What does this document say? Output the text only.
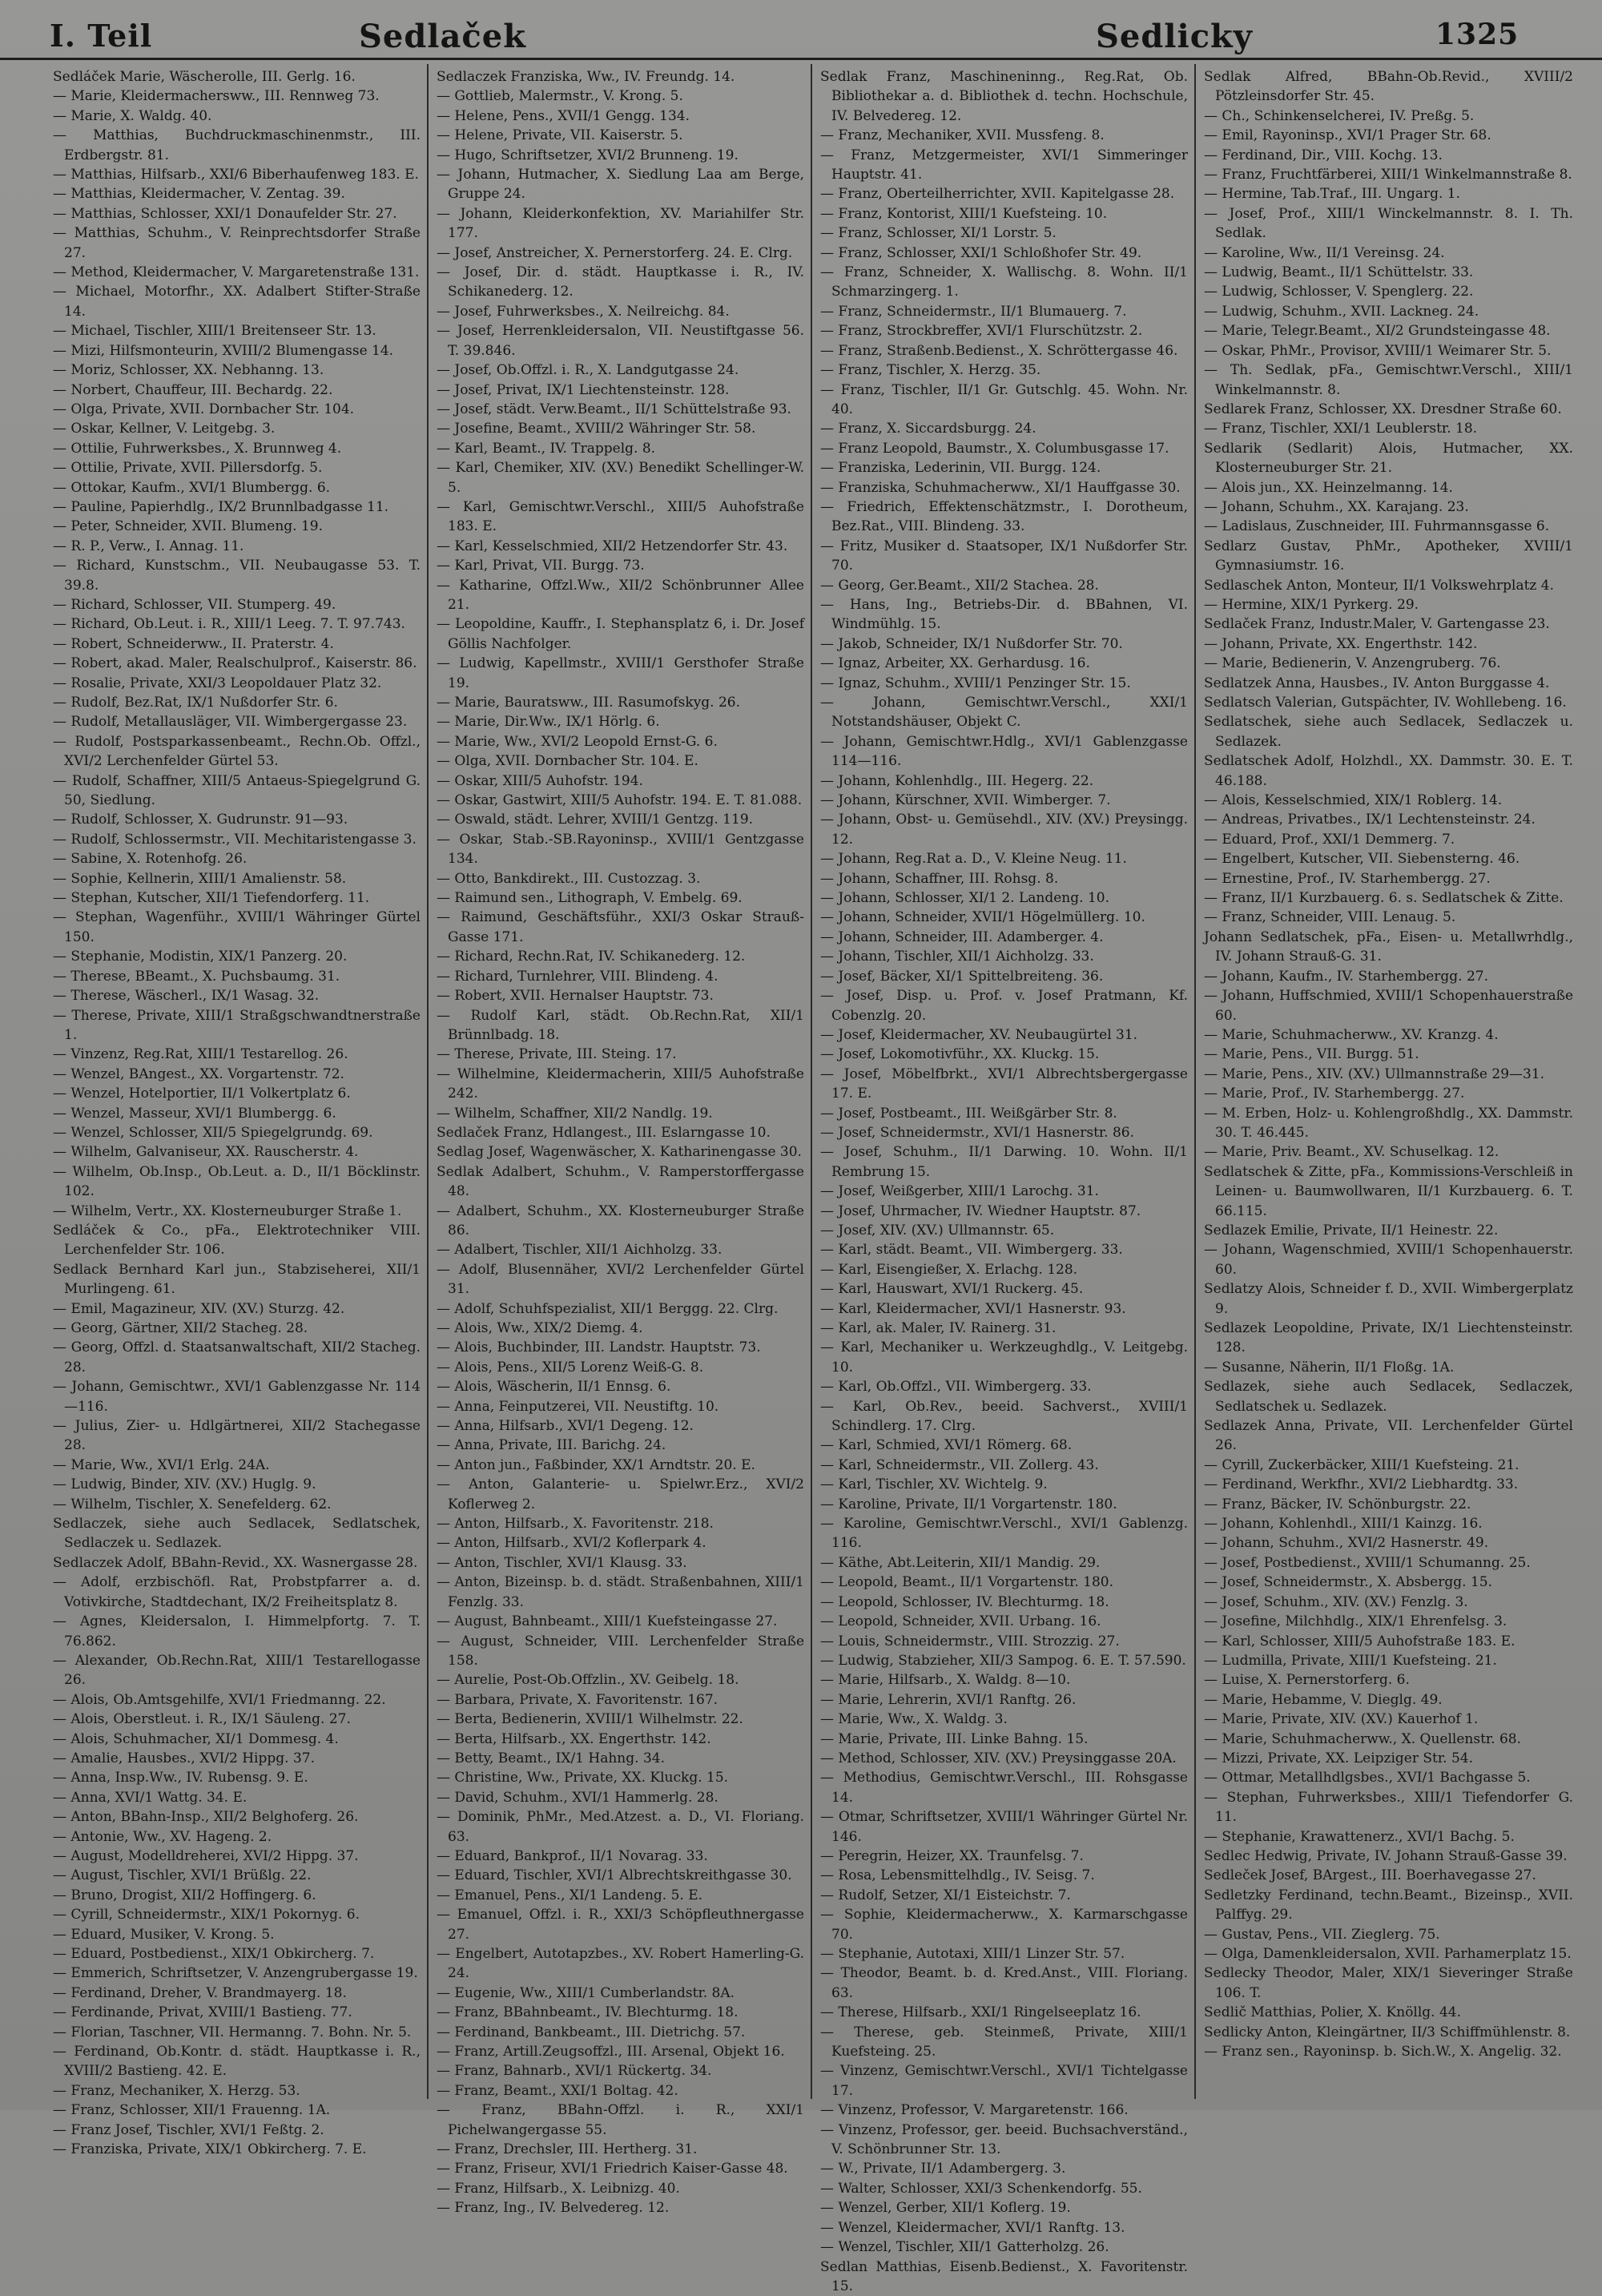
I. Teil	Sedlaček	Sedlicky	1325

Sedláček Marie, Wäscherolle, III. Gerlg. 16.

— Marie, Kleidermachersww., III. Rennweg 73.

— Marie, X. Waldg. 40.

— Matthias, Buchdruckmaschinenmstr., III. Erdbergstr. 81.

— Matthias, Hilfsarb., XXI/6 Biberhaufenweg 183. E.

— Matthias, Kleidermacher, V. Zentag. 39.

— Matthias, Schlosser, XXI/1 Donaufelder Str. 27.

— Matthias, Schuhm., V. Reinprechtsdorfer Straße 27.

— Method, Kleidermacher, V. Margaretenstraße 131.

— Michael, Motorfhr., XX. Adalbert Stifter-Straße 14.

— Michael, Tischler, XIII/1 Breitenseer Str. 13.

— Mizi, Hilfsmonteurin, XVIII/2 Blumengasse 14.

— Moriz, Schlosser, XX. Nebhanng. 13.

— Norbert, Chauffeur, III. Bechardg. 22.

— Olga, Private, XVII. Dornbacher Str. 104.

— Oskar, Kellner, V. Leitgebg. 3.

— Ottilie, Fuhrwerksbes., X. Brunnweg 4.

— Ottilie, Private, XVII. Pillersdorfg. 5.

— Ottokar, Kaufm., XVI/1 Blumbergg. 6.

— Pauline, Papierhdlg., IX/2 Brunnlbadgasse 11.

— Peter, Schneider, XVII. Blumeng. 19.

— R. P., Verw., I. Annag. 11.

— Richard, Kunstschm., VII. Neubaugasse 53. T. 39.8.

— Richard, Schlosser, VII. Stumperg. 49.

— Richard, Ob.Leut. i. R., XIII/1 Leeg. 7. T. 97.743.

— Robert, Schneiderww., II. Praterstr. 4.

— Robert, akad. Maler, Realschulprof., Kaiserstr. 86.

— Rosalie, Private, XXI/3 Leopoldauer Platz 32.

— Rudolf, Bez.Rat, IX/1 Nußdorfer Str. 6.

— Rudolf, Metallausläger, VII. Wimbergergasse 23.

— Rudolf, Postsparkassenbeamt., Rechn.Ob. Offzl., XVI/2 Lerchenfelder Gürtel 53.

— Rudolf, Schaffner, XIII/5 Antaeus-Spiegelgrund G. 50, Siedlung.

— Rudolf, Schlosser, X. Gudrunstr. 91—93.

— Rudolf, Schlossermstr., VII. Mechitaristengasse 3.

— Sabine, X. Rotenhofg. 26.

— Sophie, Kellnerin, XIII/1 Amalienstr. 58.

— Stephan, Kutscher, XII/1 Tiefendorferg. 11.

— Stephan, Wagenführ., XVIII/1 Währinger Gürtel 150.

— Stephanie, Modistin, XIX/1 Panzerg. 20.

— Therese, BBeamt., X. Puchsbaumg. 31.

— Therese, Wäscherl., IX/1 Wasag. 32.

— Therese, Private, XIII/1 Straßgschwandtnerstraße 1.

— Vinzenz, Reg.Rat, XIII/1 Testarellog. 26.

— Wenzel, BAngest., XX. Vorgartenstr. 72.

— Wenzel, Hotelportier, II/1 Volkertplatz 6.

— Wenzel, Masseur, XVI/1 Blumbergg. 6.

— Wenzel, Schlosser, XII/5 Spiegelgrundg. 69.

— Wilhelm, Galvaniseur, XX. Rauscherstr. 4.

— Wilhelm, Ob.Insp., Ob.Leut. a. D., II/1 Böcklinstr. 102.

— Wilhelm, Vertr., XX. Klosterneuburger Straße 1.

Sedláček & Co., pFa., Elektrotechniker VIII. Lerchenfelder Str. 106.

Sedlack Bernhard Karl jun., Stabziseherei, XII/1 Murlingeng. 61.

— Emil, Magazineur, XIV. (XV.) Sturzg. 42.

— Georg, Gärtner, XII/2 Stacheg. 28.

— Georg, Offzl. d. Staatsanwaltschaft, XII/2 Stacheg. 28.

— Johann, Gemischtwr., XVI/1 Gablenzgasse Nr. 114—116.

— Julius, Zier- u. Hdlgärtnerei, XII/2 Stachegasse 28.

— Marie, Ww., XVI/1 Erlg. 24A.

— Ludwig, Binder, XIV. (XV.) Huglg. 9.

— Wilhelm, Tischler, X. Senefelderg. 62.

Sedlaczek, siehe auch Sedlacek, Sedlatschek, Sedlaczek u. Sedlazek.

Sedlaczek Adolf, BBahn-Revid., XX. Wasnergasse 28.

— Adolf, erzbischöfl. Rat, Probstpfarrer a. d. Votivkirche, Stadtdechant, IX/2 Freiheitsplatz 8.

— Agnes, Kleidersalon, I. Himmelpfortg. 7. T. 76.862.

— Alexander, Ob.Rechn.Rat, XIII/1 Testarellogasse 26.

— Alois, Ob.Amtsgehilfe, XVI/1 Friedmanng. 22.

— Alois, Oberstleut. i. R., IX/1 Säuleng. 27.

— Alois, Schuhmacher, XI/1 Dommesg. 4.

— Amalie, Hausbes., XVI/2 Hippg. 37.

— Anna, Insp.Ww., IV. Rubensg. 9. E.

— Anna, XVI/1 Wattg. 34. E.

— Anton, BBahn-Insp., XII/2 Belghoferg. 26.

— Antonie, Ww., XV. Hageng. 2.

— August, Modelldreherei, XVI/2 Hippg. 37.

— August, Tischler, XVI/1 Brüßlg. 22.

— Bruno, Drogist, XII/2 Hoffingerg. 6.

— Cyrill, Schneidermstr., XIX/1 Pokornyg. 6.

— Eduard, Musiker, V. Krong. 5.

— Eduard, Postbedienst., XIX/1 Obkircherg. 7.

— Emmerich, Schriftsetzer, V. Anzengrubergasse 19.

— Ferdinand, Dreher, V. Brandmayerg. 18.

— Ferdinande, Privat, XVIII/1 Bastieng. 77.

— Florian, Taschner, VII. Hermanng. 7. Bohn. Nr. 5.

— Ferdinand, Ob.Kontr. d. städt. Hauptkasse i. R., XVIII/2 Bastieng. 42. E.

— Franz, Mechaniker, X. Herzg. 53.

— Franz, Schlosser, XII/1 Frauenng. 1A.

— Franz Josef, Tischler, XVI/1 Feßtg. 2.

— Franziska, Private, XIX/1 Obkircherg. 7. E.

Sedlaczek Franziska, Ww., IV. Freundg. 14.

— Gottlieb, Malermstr., V. Krong. 5.

— Helene, Pens., XVII/1 Gengg. 134.

— Helene, Private, VII. Kaiserstr. 5.

— Hugo, Schriftsetzer, XVI/2 Brunneng. 19.

— Johann, Hutmacher, X. Siedlung Laa am Berge, Gruppe 24.

— Johann, Kleiderkonfektion, XV. Mariahilfer Str. 177.

— Josef, Anstreicher, X. Pernerstorferg. 24. E. Clrg.

— Josef, Dir. d. städt. Hauptkasse i. R., IV. Schikanederg. 12.

— Josef, Fuhrwerksbes., X. Neilreichg. 84.

— Josef, Herrenkleidersalon, VII. Neustiftgasse 56. T. 39.846.

— Josef, Ob.Offzl. i. R., X. Landgutgasse 24.

— Josef, Privat, IX/1 Liechtensteinstr. 128.

— Josef, städt. Verw.Beamt., II/1 Schüttelstraße 93.

— Josefine, Beamt., XVIII/2 Währinger Str. 58.

— Karl, Beamt., IV. Trappelg. 8.

— Karl, Chemiker, XIV. (XV.) Benedikt Schellinger-W. 5.

— Karl, Gemischtwr.Verschl., XIII/5 Auhofstraße 183. E.

— Karl, Kesselschmied, XII/2 Hetzendorfer Str. 43.

— Karl, Privat, VII. Burgg. 73.

— Katharine, Offzl.Ww., XII/2 Schönbrunner Allee 21.

— Leopoldine, Kauffr., I. Stephansplatz 6, i. Dr. Josef Göllis Nachfolger.

— Ludwig, Kapellmstr., XVIII/1 Gersthofer Straße 19.

— Marie, Bauratsww., III. Rasumofskyg. 26.

— Marie, Dir.Ww., IX/1 Hörlg. 6.

— Marie, Ww., XVI/2 Leopold Ernst-G. 6.

— Olga, XVII. Dornbacher Str. 104. E.

— Oskar, XIII/5 Auhofstr. 194.

— Oskar, Gastwirt, XIII/5 Auhofstr. 194. E. T. 81.088.

— Oswald, städt. Lehrer, XVIII/1 Gentzg. 119.

— Oskar, Stab.-SB.Rayoninsp., XVIII/1 Gentzgasse 134.

— Otto, Bankdirekt., III. Custozzag. 3.

— Raimund sen., Lithograph, V. Embelg. 69.

— Raimund, Geschäftsführ., XXI/3 Oskar Strauß-Gasse 171.

— Richard, Rechn.Rat, IV. Schikanederg. 12.

— Richard, Turnlehrer, VIII. Blindeng. 4.

— Robert, XVII. Hernalser Hauptstr. 73.

— Rudolf Karl, städt. Ob.Rechn.Rat, XII/1 Brünnlbadg. 18.

— Therese, Private, III. Steing. 17.

— Wilhelmine, Kleidermacherin, XIII/5 Auhofstraße 242.

— Wilhelm, Schaffner, XII/2 Nandlg. 19.

Sedlaček Franz, Hdlangest., III. Eslarngasse 10.

Sedlag Josef, Wagenwäscher, X. Katharinengasse 30.

Sedlak Adalbert, Schuhm., V. Ramperstorffergasse 48.

— Adalbert, Schuhm., XX. Klosterneuburger Straße 86.

— Adalbert, Tischler, XII/1 Aichholzg. 33.

— Adolf, Blusennäher, XVI/2 Lerchenfelder Gürtel 31.

— Adolf, Schuhfspezialist, XII/1 Berggg. 22. Clrg.

— Alois, Ww., XIX/2 Diemg. 4.

— Alois, Buchbinder, III. Landstr. Hauptstr. 73.

— Alois, Pens., XII/5 Lorenz Weiß-G. 8.

— Alois, Wäscherin, II/1 Ennsg. 6.

— Anna, Feinputzerei, VII. Neustiftg. 10.

— Anna, Hilfsarb., XVI/1 Degeng. 12.

— Anna, Private, III. Barichg. 24.

— Anton jun., Faßbinder, XX/1 Arndtstr. 20. E.

— Anton, Galanterie- u. Spielwr.Erz., XVI/2 Koflerweg 2.

— Anton, Hilfsarb., X. Favoritenstr. 218.

— Anton, Hilfsarb., XVI/2 Koflerpark 4.

— Anton, Tischler, XVI/1 Klausg. 33.

— Anton, Bizeinsp. b. d. städt. Straßenbahnen, XIII/1 Fenzlg. 33.

— August, Bahnbeamt., XIII/1 Kuefsteingasse 27.

— August, Schneider, VIII. Lerchenfelder Straße 158.

— Aurelie, Post-Ob.Offzlin., XV. Geibelg. 18.

— Barbara, Private, X. Favoritenstr. 167.

— Berta, Bedienerin, XVIII/1 Wilhelmstr. 22.

— Berta, Hilfsarb., XX. Engerthstr. 142.

— Betty, Beamt., IX/1 Hahng. 34.

— Christine, Ww., Private, XX. Kluckg. 15.

— David, Schuhm., XVI/1 Hammerlg. 28.

— Dominik, PhMr., Med.Atzest. a. D., VI. Floriang. 63.

— Eduard, Bankprof., II/1 Novarag. 33.

— Eduard, Tischler, XVI/1 Albrechtskreithgasse 30.

— Emanuel, Pens., XI/1 Landeng. 5. E.

— Emanuel, Offzl. i. R., XXI/3 Schöpfleuthnergasse 27.

— Engelbert, Autotapzbes., XV. Robert Hamerling-G. 24.

— Eugenie, Ww., XIII/1 Cumberlandstr. 8A.

— Franz, BBahnbeamt., IV. Blechturmg. 18.

— Ferdinand, Bankbeamt., III. Dietrichg. 57.

— Franz, Artill.Zeugsoffzl., III. Arsenal, Objekt 16.

— Franz, Bahnarb., XVI/1 Rückertg. 34.

— Franz, Beamt., XXI/1 Boltag. 42.

— Franz, BBahn-Offzl. i. R., XXI/1 Pichelwangergasse 55.

— Franz, Drechsler, III. Hertherg. 31.

— Franz, Friseur, XVI/1 Friedrich Kaiser-Gasse 48.

— Franz, Hilfsarb., X. Leibnizg. 40.

— Franz, Ing., IV. Belvedereg. 12.

Sedlak Franz, Maschineninng., Reg.Rat, Ob. Bibliothekar a. d. Bibliothek d. techn. Hochschule, IV. Belvedereg. 12.

— Franz, Mechaniker, XVII. Mussfeng. 8.

— Franz, Metzgermeister, XVI/1 Simmeringer Hauptstr. 41.

— Franz, Oberteilherrichter, XVII. Kapitelgasse 28.

— Franz, Kontorist, XIII/1 Kuefsteing. 10.

— Franz, Schlosser, XI/1 Lorstr. 5.

— Franz, Schlosser, XXI/1 Schloßhofer Str. 49.

— Franz, Schneider, X. Wallischg. 8. Wohn. II/1 Schmarzingerg. 1.

— Franz, Schneidermstr., II/1 Blumauerg. 7.

— Franz, Strockbreffer, XVI/1 Flurschützstr. 2.

— Franz, Straßenb.Bedienst., X. Schröttergasse 46.

— Franz, Tischler, X. Herzg. 35.

— Franz, Tischler, II/1 Gr. Gutschlg. 45. Wohn. Nr. 40.

— Franz, X. Siccardsburgg. 24.

— Franz Leopold, Baumstr., X. Columbusgasse 17.

— Franziska, Lederinin, VII. Burgg. 124.

— Franziska, Schuhmacherww., XI/1 Hauffgasse 30.

— Friedrich, Effektenschätzmstr., I. Dorotheum, Bez.Rat., VIII. Blindeng. 33.

— Fritz, Musiker d. Staatsoper, IX/1 Nußdorfer Str. 70.

— Georg, Ger.Beamt., XII/2 Stachea. 28.

— Hans, Ing., Betriebs-Dir. d. BBahnen, VI. Windmühlg. 15.

— Jakob, Schneider, IX/1 Nußdorfer Str. 70.

— Ignaz, Arbeiter, XX. Gerhardusg. 16.

— Ignaz, Schuhm., XVIII/1 Penzinger Str. 15.

— Johann, Gemischtwr.Verschl., XXI/1 Notstandshäuser, Objekt C.

— Johann, Gemischtwr.Hdlg., XVI/1 Gablenzgasse 114—116.

— Johann, Kohlenhdlg., III. Hegerg. 22.

— Johann, Kürschner, XVII. Wimberger. 7.

— Johann, Obst- u. Gemüsehdl., XIV. (XV.) Preysingg. 12.

— Johann, Reg.Rat a. D., V. Kleine Neug. 11.

— Johann, Schaffner, III. Rohsg. 8.

— Johann, Schlosser, XI/1 2. Landeng. 10.

— Johann, Schneider, XVII/1 Högelmüllerg. 10.

— Johann, Schneider, III. Adamberger. 4.

— Johann, Tischler, XII/1 Aichholzg. 33.

— Josef, Bäcker, XI/1 Spittelbreiteng. 36.

— Josef, Disp. u. Prof. v. Josef Pratmann, Kf. Cobenzlg. 20.

— Josef, Kleidermacher, XV. Neubaugürtel 31.

— Josef, Lokomotivführ., XX. Kluckg. 15.

— Josef, Möbelfbrkt., XVI/1 Albrechtsbergergasse 17. E.

— Josef, Postbeamt., III. Weißgärber Str. 8.

— Josef, Schneidermstr., XVI/1 Hasnerstr. 86.

— Josef, Schuhm., II/1 Darwing. 10. Wohn. II/1 Rembrung 15.

— Josef, Weißgerber, XIII/1 Larochg. 31.

— Josef, Uhrmacher, IV. Wiedner Hauptstr. 87.

— Josef, XIV. (XV.) Ullmannstr. 65.

— Karl, städt. Beamt., VII. Wimbergerg. 33.

— Karl, Eisengießer, X. Erlachg. 128.

— Karl, Hauswart, XVI/1 Ruckerg. 45.

— Karl, Kleidermacher, XVI/1 Hasnerstr. 93.

— Karl, ak. Maler, IV. Rainerg. 31.

— Karl, Mechaniker u. Werkzeughdlg., V. Leitgebg. 10.

— Karl, Ob.Offzl., VII. Wimbergerg. 33.

— Karl, Ob.Rev., beeid. Sachverst., XVIII/1 Schindlerg. 17. Clrg.

— Karl, Schmied, XVI/1 Römerg. 68.

— Karl, Schneidermstr., VII. Zollerg. 43.

— Karl, Tischler, XV. Wichtelg. 9.

— Karoline, Private, II/1 Vorgartenstr. 180.

— Karoline, Gemischtwr.Verschl., XVI/1 Gablenzg. 116.

— Käthe, Abt.Leiterin, XII/1 Mandig. 29.

— Leopold, Beamt., II/1 Vorgartenstr. 180.

— Leopold, Schlosser, IV. Blechturmg. 18.

— Leopold, Schneider, XVII. Urbang. 16.

— Louis, Schneidermstr., VIII. Strozzig. 27.

— Ludwig, Stabzieher, XII/3 Sampog. 6. E. T. 57.590.

— Marie, Hilfsarb., X. Waldg. 8—10.

— Marie, Lehrerin, XVI/1 Ranftg. 26.

— Marie, Ww., X. Waldg. 3.

— Marie, Private, III. Linke Bahng. 15.

— Method, Schlosser, XIV. (XV.) Preysinggasse 20A.

— Methodius, Gemischtwr.Verschl., III. Rohsgasse 14.

— Otmar, Schriftsetzer, XVIII/1 Währinger Gürtel Nr. 146.

— Peregrin, Heizer, XX. Traunfelsg. 7.

— Rosa, Lebensmittelhdlg., IV. Seisg. 7.

— Rudolf, Setzer, XI/1 Eisteichstr. 7.

— Sophie, Kleidermacherww., X. Karmarschgasse 70.

— Stephanie, Autotaxi, XIII/1 Linzer Str. 57.

— Theodor, Beamt. b. d. Kred.Anst., VIII. Floriang. 63.

— Therese, Hilfsarb., XXI/1 Ringelseeplatz 16.

— Therese, geb. Steinmeß, Private, XIII/1 Kuefsteing. 25.

— Vinzenz, Gemischtwr.Verschl., XVI/1 Tichtelgasse 17.

— Vinzenz, Professor, V. Margaretenstr. 166.

— Vinzenz, Professor, ger. beeid. Buchsachverständ., V. Schönbrunner Str. 13.

— W., Private, II/1 Adambergerg. 3.

— Walter, Schlosser, XXI/3 Schenkendorfg. 55.

— Wenzel, Gerber, XII/1 Koflerg. 19.

— Wenzel, Kleidermacher, XVI/1 Ranftg. 13.

— Wenzel, Tischler, XII/1 Gatterholzg. 26.

Sedlan Matthias, Eisenb.Bedienst., X. Favoritenstr. 15.

Sedlak Alfred, BBahn-Ob.Revid., XVIII/2 Pötzleinsdorfer Str. 45.

— Ch., Schinkenselcherei, IV. Preßg. 5.

— Emil, Rayoninsp., XVI/1 Prager Str. 68.

— Ferdinand, Dir., VIII. Kochg. 13.

— Franz, Fruchtfärberei, XIII/1 Winkelmannstraße 8.

— Hermine, Tab.Traf., III. Ungarg. 1.

— Josef, Prof., XIII/1 Winckelmannstr. 8. I. Th. Sedlak.

— Karoline, Ww., II/1 Vereinsg. 24.

— Ludwig, Beamt., II/1 Schüttelstr. 33.

— Ludwig, Schlosser, V. Spenglerg. 22.

— Ludwig, Schuhm., XVII. Lackneg. 24.

— Marie, Telegr.Beamt., XI/2 Grundsteingasse 48.

— Oskar, PhMr., Provisor, XVIII/1 Weimarer Str. 5.

— Th. Sedlak, pFa., Gemischtwr.Verschl., XIII/1 Winkelmannstr. 8.

Sedlarek Franz, Schlosser, XX. Dresdner Straße 60.

— Franz, Tischler, XXI/1 Leublerstr. 18.

Sedlarik (Sedlarit) Alois, Hutmacher, XX. Klosterneuburger Str. 21.

— Alois jun., XX. Heinzelmanng. 14.

— Johann, Schuhm., XX. Karajang. 23.

— Ladislaus, Zuschneider, III. Fuhrmannsgasse 6.

Sedlarz Gustav, PhMr., Apotheker, XVIII/1 Gymnasiumstr. 16.

Sedlaschek Anton, Monteur, II/1 Volkswehrplatz 4.

— Hermine, XIX/1 Pyrkerg. 29.

Sedlaček Franz, Industr.Maler, V. Gartengasse 23.

— Johann, Private, XX. Engerthstr. 142.

— Marie, Bedienerin, V. Anzengruberg. 76.

Sedlatzek Anna, Hausbes., IV. Anton Burggasse 4.

Sedlatsch Valerian, Gutspächter, IV. Wohllebeng. 16.

Sedlatschek, siehe auch Sedlacek, Sedlaczek u. Sedlazek.

Sedlatschek Adolf, Holzhdl., XX. Dammstr. 30. E. T. 46.188.

— Alois, Kesselschmied, XIX/1 Roblerg. 14.

— Andreas, Privatbes., IX/1 Lechtensteinstr. 24.

— Eduard, Prof., XXI/1 Demmerg. 7.

— Engelbert, Kutscher, VII. Siebensterng. 46.

— Ernestine, Prof., IV. Starhembergg. 27.

— Franz, II/1 Kurzbauerg. 6. s. Sedlatschek & Zitte.

— Franz, Schneider, VIII. Lenaug. 5.

Johann Sedlatschek, pFa., Eisen- u. Metallwrhdlg., IV. Johann Strauß-G. 31.

— Johann, Kaufm., IV. Starhembergg. 27.

— Johann, Huffschmied, XVIII/1 Schopenhauerstraße 60.

— Marie, Schuhmacherww., XV. Kranzg. 4.

— Marie, Pens., VII. Burgg. 51.

— Marie, Pens., XIV. (XV.) Ullmannstraße 29—31.

— Marie, Prof., IV. Starhembergg. 27.

— M. Erben, Holz- u. Kohlengroßhdlg., XX. Dammstr. 30. T. 46.445.

— Marie, Priv. Beamt., XV. Schuselkag. 12.

Sedlatschek & Zitte, pFa., Kommissions-Verschleiß in Leinen- u. Baumwollwaren, II/1 Kurzbauerg. 6. T. 66.115.

Sedlazek Emilie, Private, II/1 Heinestr. 22.

— Johann, Wagenschmied, XVIII/1 Schopenhauerstr. 60.

Sedlatzy Alois, Schneider f. D., XVII. Wimbergerplatz 9.

Sedlazek Leopoldine, Private, IX/1 Liechtensteinstr. 128.

— Susanne, Näherin, II/1 Floßg. 1A.

Sedlazek, siehe auch Sedlacek, Sedlaczek, Sedlatschek u. Sedlazek.

Sedlazek Anna, Private, VII. Lerchenfelder Gürtel 26.

— Cyrill, Zuckerbäcker, XIII/1 Kuefsteing. 21.

— Ferdinand, Werkfhr., XVI/2 Liebhardtg. 33.

— Franz, Bäcker, IV. Schönburgstr. 22.

— Johann, Kohlenhdl., XIII/1 Kainzg. 16.

— Johann, Schuhm., XVI/2 Hasnerstr. 49.

— Josef, Postbedienst., XVIII/1 Schumanng. 25.

— Josef, Schneidermstr., X. Absbergg. 15.

— Josef, Schuhm., XIV. (XV.) Fenzlg. 3.

— Josefine, Milchhdlg., XIX/1 Ehrenfelsg. 3.

— Karl, Schlosser, XIII/5 Auhofstraße 183. E.

— Ludmilla, Private, XIII/1 Kuefsteing. 21.

— Luise, X. Pernerstorferg. 6.

— Marie, Hebamme, V. Dieglg. 49.

— Marie, Private, XIV. (XV.) Kauerhof 1.

— Marie, Schuhmacherww., X. Quellenstr. 68.

— Mizzi, Private, XX. Leipziger Str. 54.

— Ottmar, Metallhdlgsbes., XVI/1 Bachgasse 5.

— Stephan, Fuhrwerksbes., XIII/1 Tiefendorfer G. 11.

— Stephanie, Krawattenerz., XVI/1 Bachg. 5.

Sedlec Hedwig, Private, IV. Johann Strauß-Gasse 39.

Sedleček Josef, BArgest., III. Boerhavegasse 27.

Sedletzky Ferdinand, techn.Beamt., Bizeinsp., XVII. Palffyg. 29.

— Gustav, Pens., VII. Zieglerg. 75.

— Olga, Damenkleidersalon, XVII. Parhamerplatz 15.

Sedlecky Theodor, Maler, XIX/1 Sieveringer Straße 106. T.

Sedlič Matthias, Polier, X. Knöllg. 44.

Sedlicky Anton, Kleingärtner, II/3 Schiffmühlenstr. 8.

— Franz sen., Rayoninsp. b. Sich.W., X. Angelig. 32.
